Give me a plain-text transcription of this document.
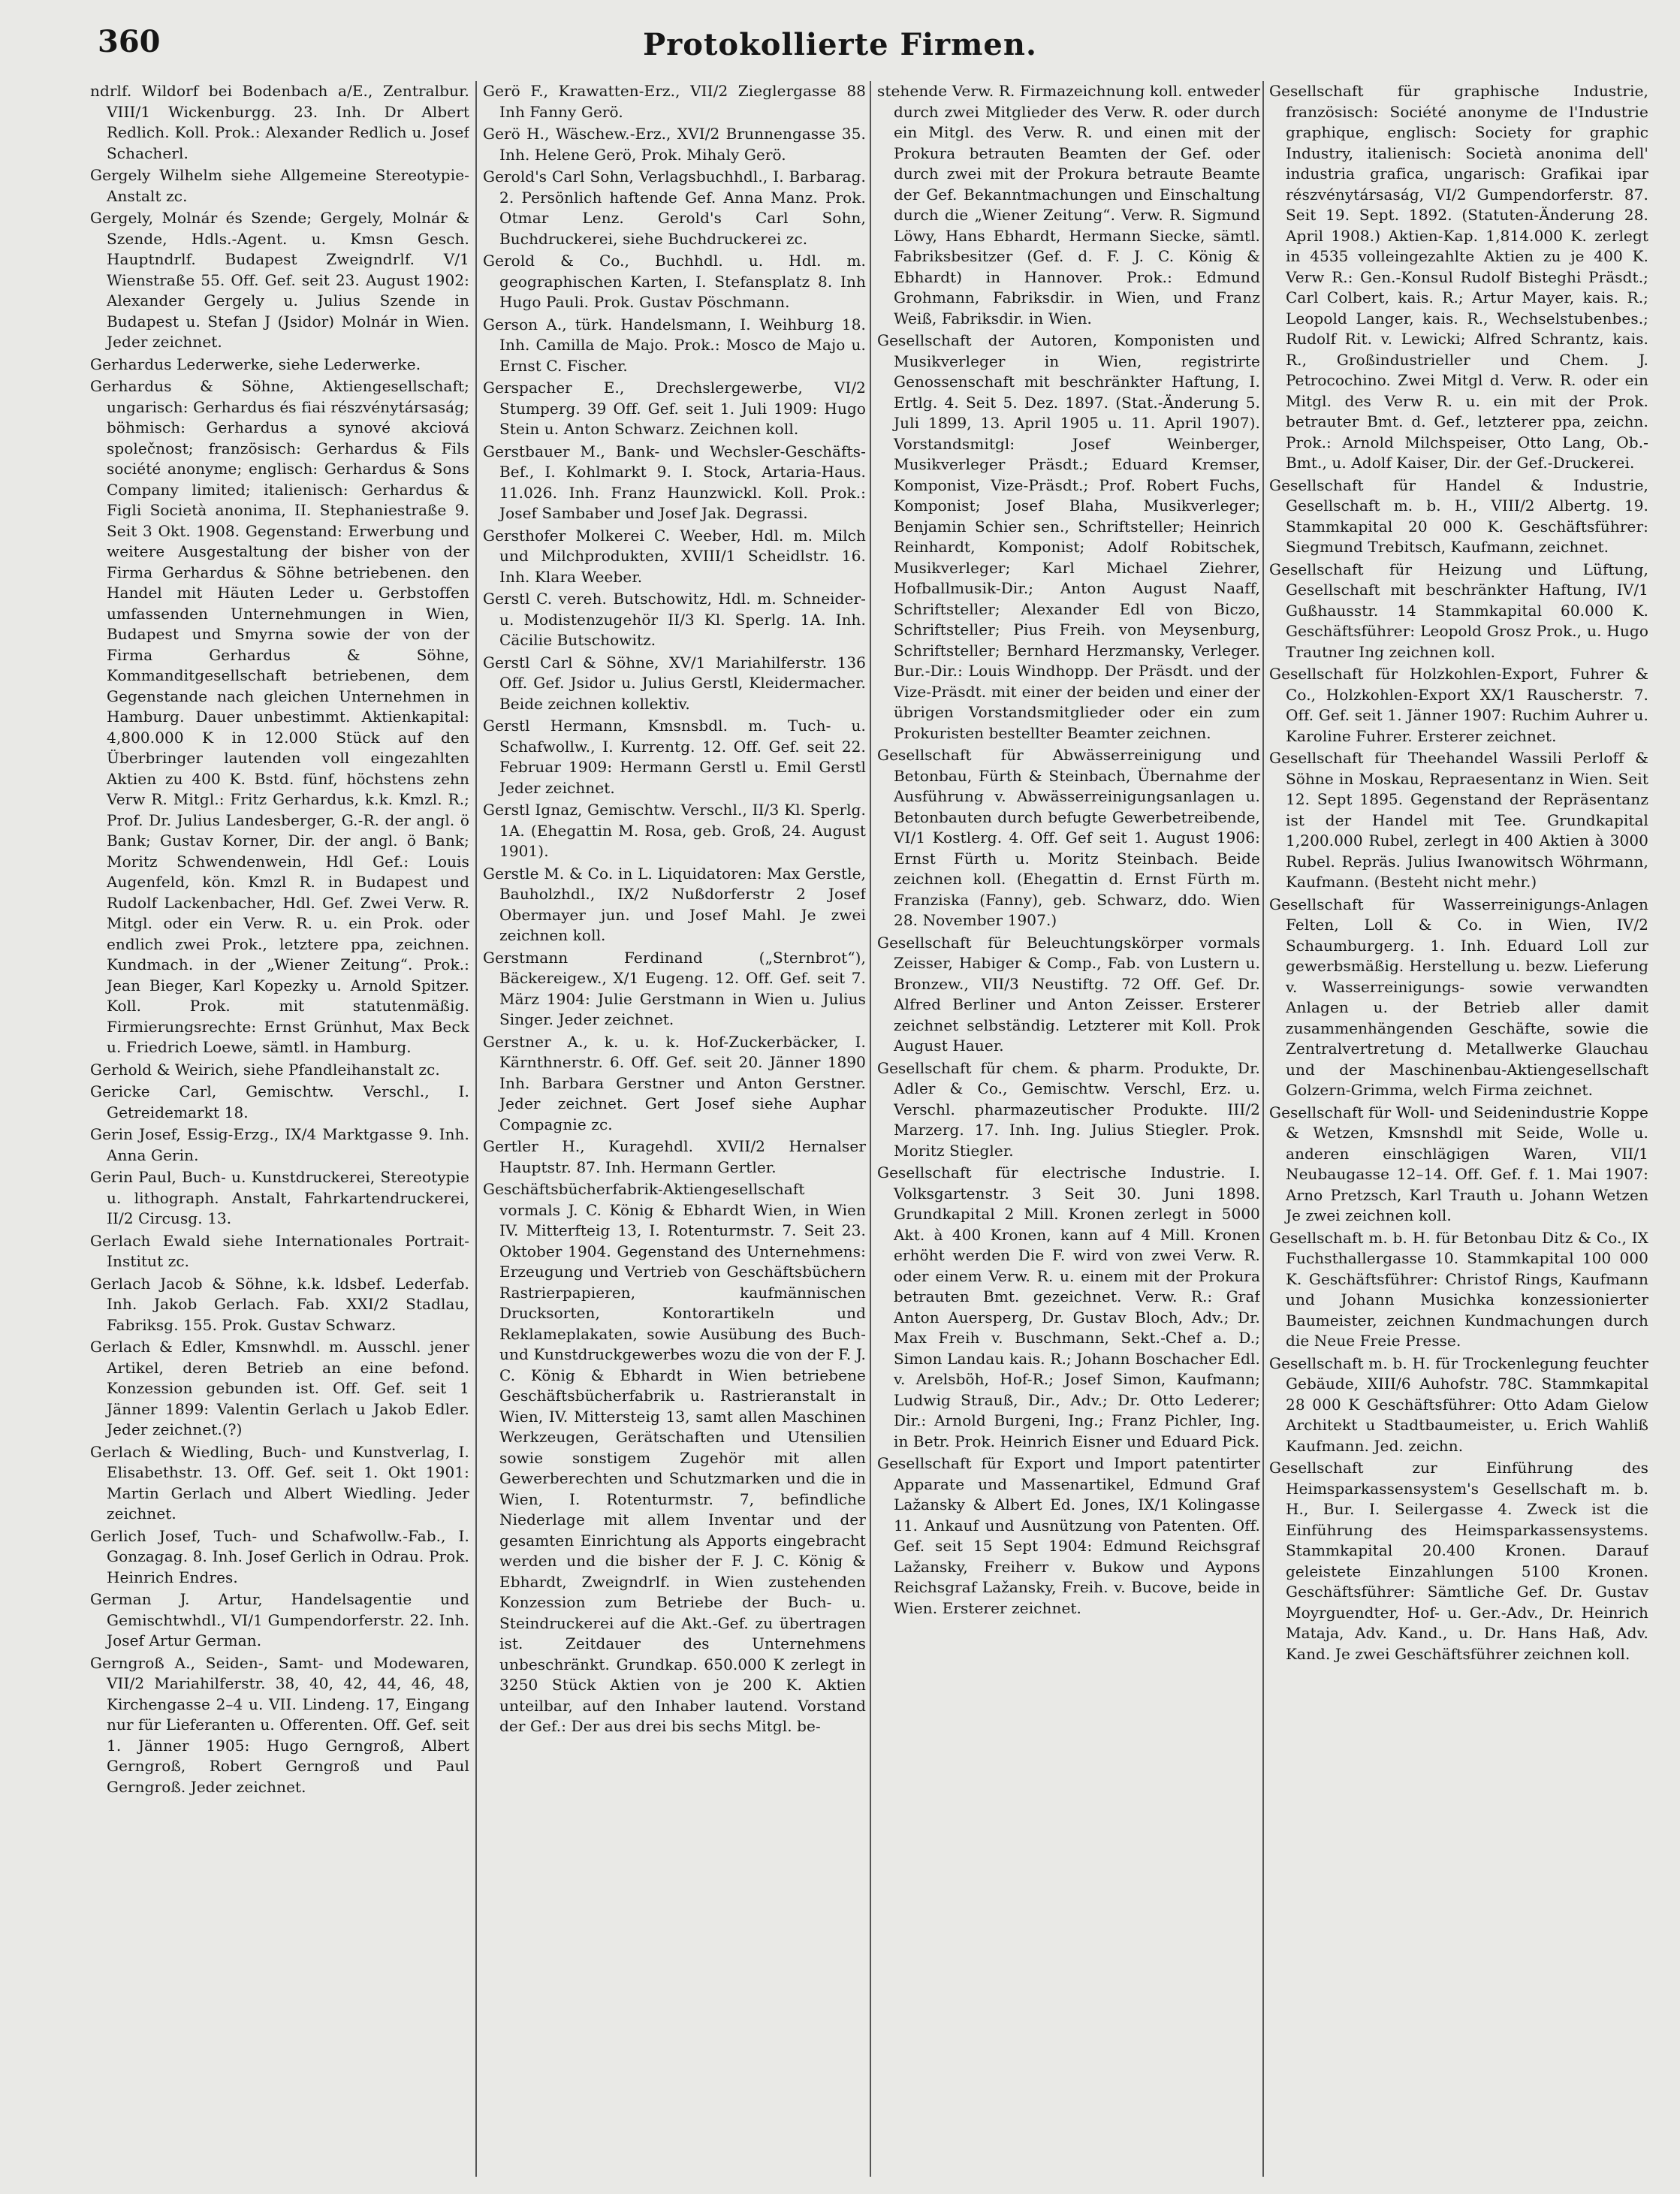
360	Protokollierte Firmen.

ndrlf. Wildorf bei Bodenbach a/E., Zentralbur. VIII/1 Wickenburgg. 23. Inh. Dr Albert Redlich. Koll. Prok.: Alexander Redlich u. Josef Schacherl.

Gergely Wilhelm siehe Allgemeine Stereotypie-Anstalt zc.

Gergely, Molnár és Szende; Gergely, Molnár & Szende, Hdls.-Agent. u. Kmsn Gesch. Hauptndrlf. Budapest Zweigndrlf. V/1 Wienstraße 55. Off. Gef. seit 23. August 1902: Alexander Gergely u. Julius Szende in Budapest u. Stefan J (Jsidor) Molnár in Wien. Jeder zeichnet.

Gerhardus Lederwerke, siehe Lederwerke.

Gerhardus & Söhne, Aktiengesellschaft; ungarisch: Gerhardus és fiai részvénytársaság; böhmisch: Gerhardus a synové akciová společnost; französisch: Gerhardus & Fils société anonyme; englisch: Gerhardus & Sons Company limited; italienisch: Gerhardus & Figli Società anonima, II. Stephaniestraße 9. Seit 3 Okt. 1908. Gegenstand: Erwerbung und weitere Ausgestaltung der bisher von der Firma Gerhardus & Söhne betriebenen. den Handel mit Häuten Leder u. Gerbstoffen umfassenden Unternehmungen in Wien, Budapest und Smyrna sowie der von der Firma Gerhardus & Söhne, Kommanditgesellschaft betriebenen, dem Gegenstande nach gleichen Unternehmen in Hamburg. Dauer unbestimmt. Aktienkapital: 4,800.000 K in 12.000 Stück auf den Überbringer lautenden voll eingezahlten Aktien zu 400 K. Bstd. fünf, höchstens zehn Verw R. Mitgl.: Fritz Gerhardus, k.k. Kmzl. R.; Prof. Dr. Julius Landesberger, G.-R. der angl. ö Bank; Gustav Korner, Dir. der angl. ö Bank; Moritz Schwendenwein, Hdl Gef.: Louis Augenfeld, kön. Kmzl R. in Budapest und Rudolf Lackenbacher, Hdl. Gef. Zwei Verw. R. Mitgl. oder ein Verw. R. u. ein Prok. oder endlich zwei Prok., letztere ppa, zeichnen. Kundmach. in der „Wiener Zeitung“. Prok.: Jean Bieger, Karl Kopezky u. Arnold Spitzer. Koll. Prok. mit statutenmäßig. Firmierungsrechte: Ernst Grünhut, Max Beck u. Friedrich Loewe, sämtl. in Hamburg.

Gerhold & Weirich, siehe Pfandleihanstalt zc.

Gericke Carl, Gemischtw. Verschl., I. Getreidemarkt 18.

Gerin Josef, Essig-Erzg., IX/4 Marktgasse 9. Inh. Anna Gerin.

Gerin Paul, Buch- u. Kunstdruckerei, Stereotypie u. lithograph. Anstalt, Fahrkartendruckerei, II/2 Circusg. 13.

Gerlach Ewald siehe Internationales Portrait-Institut zc.

Gerlach Jacob & Söhne, k.k. ldsbef. Lederfab. Inh. Jakob Gerlach. Fab. XXI/2 Stadlau, Fabriksg. 155. Prok. Gustav Schwarz.

Gerlach & Edler, Kmsnwhdl. m. Ausschl. jener Artikel, deren Betrieb an eine befond. Konzession gebunden ist. Off. Gef. seit 1 Jänner 1899: Valentin Gerlach u Jakob Edler. Jeder zeichnet.(?)

Gerlach & Wiedling, Buch- und Kunstverlag, I. Elisabethstr. 13. Off. Gef. seit 1. Okt 1901: Martin Gerlach und Albert Wiedling. Jeder zeichnet.

Gerlich Josef, Tuch- und Schafwollw.-Fab., I. Gonzagag. 8. Inh. Josef Gerlich in Odrau. Prok. Heinrich Endres.

German J. Artur, Handelsagentie und Gemischtwhdl., VI/1 Gumpendorferstr. 22. Inh. Josef Artur German.

Gerngroß A., Seiden-, Samt- und Modewaren, VII/2 Mariahilferstr. 38, 40, 42, 44, 46, 48, Kirchengasse 2–4 u. VII. Lindeng. 17, Eingang nur für Lieferanten u. Offerenten. Off. Gef. seit 1. Jänner 1905: Hugo Gerngroß, Albert Gerngroß, Robert Gerngroß und Paul Gerngroß. Jeder zeichnet.

Gerö F., Krawatten-Erz., VII/2 Zieglergasse 88 Inh Fanny Gerö.

Gerö H., Wäschew.-Erz., XVI/2 Brunnengasse 35. Inh. Helene Gerö, Prok. Mihaly Gerö.

Gerold's Carl Sohn, Verlagsbuchhdl., I. Barbarag. 2. Persönlich haftende Gef. Anna Manz. Prok. Otmar Lenz. Gerold's Carl Sohn, Buchdruckerei, siehe Buchdruckerei zc.

Gerold & Co., Buchhdl. u. Hdl. m. geographischen Karten, I. Stefansplatz 8. Inh Hugo Pauli. Prok. Gustav Pöschmann.

Gerson A., türk. Handelsmann, I. Weihburg 18. Inh. Camilla de Majo. Prok.: Mosco de Majo u. Ernst C. Fischer.

Gerspacher E., Drechslergewerbe, VI/2 Stumperg. 39 Off. Gef. seit 1. Juli 1909: Hugo Stein u. Anton Schwarz. Zeichnen koll.

Gerstbauer M., Bank- und Wechsler-Geschäfts-Bef., I. Kohlmarkt 9. I. Stock, Artaria-Haus. 11.026. Inh. Franz Haunzwickl. Koll. Prok.: Josef Sambaber und Josef Jak. Degrassi.

Gersthofer Molkerei C. Weeber, Hdl. m. Milch und Milchprodukten, XVIII/1 Scheidlstr. 16. Inh. Klara Weeber.

Gerstl C. vereh. Butschowitz, Hdl. m. Schneider- u. Modistenzugehör II/3 Kl. Sperlg. 1A. Inh. Cäcilie Butschowitz.

Gerstl Carl & Söhne, XV/1 Mariahilferstr. 136 Off. Gef. Jsidor u. Julius Gerstl, Kleidermacher. Beide zeichnen kollektiv.

Gerstl Hermann, Kmsnsbdl. m. Tuch- u. Schafwollw., I. Kurrentg. 12. Off. Gef. seit 22. Februar 1909: Hermann Gerstl u. Emil Gerstl Jeder zeichnet.

Gerstl Ignaz, Gemischtw. Verschl., II/3 Kl. Sperlg. 1A. (Ehegattin M. Rosa, geb. Groß, 24. August 1901).

Gerstle M. & Co. in L. Liquidatoren: Max Gerstle, Bauholzhdl., IX/2 Nußdorferstr 2 Josef Obermayer jun. und Josef Mahl. Je zwei zeichnen koll.

Gerstmann Ferdinand („Sternbrot“), Bäckereigew., X/1 Eugeng. 12. Off. Gef. seit 7. März 1904: Julie Gerstmann in Wien u. Julius Singer. Jeder zeichnet.

Gerstner A., k. u. k. Hof-Zuckerbäcker, I. Kärnthnerstr. 6. Off. Gef. seit 20. Jänner 1890 Inh. Barbara Gerstner und Anton Gerstner. Jeder zeichnet. Gert Josef siehe Auphar Compagnie zc.

Gertler H., Kuragehdl. XVII/2 Hernalser Hauptstr. 87. Inh. Hermann Gertler.

Geschäftsbücherfabrik-Aktiengesellschaft vormals J. C. König & Ebhardt Wien, in Wien IV. Mitterfteig 13, I. Rotenturmstr. 7. Seit 23. Oktober 1904. Gegenstand des Unternehmens: Erzeugung und Vertrieb von Geschäftsbüchern Rastrierpapieren, kaufmännischen Drucksorten, Kontorartikeln und Reklameplakaten, sowie Ausübung des Buch- und Kunstdruckgewerbes wozu die von der F. J. C. König & Ebhardt in Wien betriebene Geschäftsbücherfabrik u. Rastrieranstalt in Wien, IV. Mittersteig 13, samt allen Maschinen Werkzeugen, Gerätschaften und Utensilien sowie sonstigem Zugehör mit allen Gewerberechten und Schutzmarken und die in Wien, I. Rotenturmstr. 7, befindliche Niederlage mit allem Inventar und der gesamten Einrichtung als Apports eingebracht werden und die bisher der F. J. C. König & Ebhardt, Zweigndrlf. in Wien zustehenden Konzession zum Betriebe der Buch- u. Steindruckerei auf die Akt.-Gef. zu übertragen ist. Zeitdauer des Unternehmens unbeschränkt. Grundkap. 650.000 K zerlegt in 3250 Stück Aktien von je 200 K. Aktien unteilbar, auf den Inhaber lautend. Vorstand der Gef.: Der aus drei bis sechs Mitgl. be-

stehende Verw. R. Firmazeichnung koll. entweder durch zwei Mitglieder des Verw. R. oder durch ein Mitgl. des Verw. R. und einen mit der Prokura betrauten Beamten der Gef. oder durch zwei mit der Prokura betraute Beamte der Gef. Bekanntmachungen und Einschaltung durch die „Wiener Zeitung“. Verw. R. Sigmund Löwy, Hans Ebhardt, Hermann Siecke, sämtl. Fabriksbesitzer (Gef. d. F. J. C. König & Ebhardt) in Hannover. Prok.: Edmund Grohmann, Fabriksdir. in Wien, und Franz Weiß, Fabriksdir. in Wien.

Gesellschaft der Autoren, Komponisten und Musikverleger in Wien, registrirte Genossenschaft mit beschränkter Haftung, I. Ertlg. 4. Seit 5. Dez. 1897. (Stat.-Änderung 5. Juli 1899, 13. April 1905 u. 11. April 1907). Vorstandsmitgl: Josef Weinberger, Musikverleger Präsdt.; Eduard Kremser, Komponist, Vize-Präsdt.; Prof. Robert Fuchs, Komponist; Josef Blaha, Musikverleger; Benjamin Schier sen., Schriftsteller; Heinrich Reinhardt, Komponist; Adolf Robitschek, Musikverleger; Karl Michael Ziehrer, Hofballmusik-Dir.; Anton August Naaff, Schriftsteller; Alexander Edl von Biczo, Schriftsteller; Pius Freih. von Meysenburg, Schriftsteller; Bernhard Herzmansky, Verleger. Bur.-Dir.: Louis Windhopp. Der Präsdt. und der Vize-Präsdt. mit einer der beiden und einer der übrigen Vorstandsmitglieder oder ein zum Prokuristen bestellter Beamter zeichnen.

Gesellschaft für Abwässerreinigung und Betonbau, Fürth & Steinbach, Übernahme der Ausführung v. Abwässerreinigungsanlagen u. Betonbauten durch befugte Gewerbetreibende, VI/1 Kostlerg. 4. Off. Gef seit 1. August 1906: Ernst Fürth u. Moritz Steinbach. Beide zeichnen koll. (Ehegattin d. Ernst Fürth m. Franziska (Fanny), geb. Schwarz, ddo. Wien 28. November 1907.)

Gesellschaft für Beleuchtungskörper vormals Zeisser, Habiger & Comp., Fab. von Lustern u. Bronzew., VII/3 Neustiftg. 72 Off. Gef. Dr. Alfred Berliner und Anton Zeisser. Ersterer zeichnet selbständig. Letzterer mit Koll. Prok August Hauer.

Gesellschaft für chem. & pharm. Produkte, Dr. Adler & Co., Gemischtw. Verschl, Erz. u. Verschl. pharmazeutischer Produkte. III/2 Marzerg. 17. Inh. Ing. Julius Stiegler. Prok. Moritz Stiegler.

Gesellschaft für electrische Industrie. I. Volksgartenstr. 3 Seit 30. Juni 1898. Grundkapital 2 Mill. Kronen zerlegt in 5000 Akt. à 400 Kronen, kann auf 4 Mill. Kronen erhöht werden Die F. wird von zwei Verw. R. oder einem Verw. R. u. einem mit der Prokura betrauten Bmt. gezeichnet. Verw. R.: Graf Anton Auersperg, Dr. Gustav Bloch, Adv.; Dr. Max Freih v. Buschmann, Sekt.-Chef a. D.; Simon Landau kais. R.; Johann Boschacher Edl. v. Arelsböh, Hof-R.; Josef Simon, Kaufmann; Ludwig Strauß, Dir., Adv.; Dr. Otto Lederer; Dir.: Arnold Burgeni, Ing.; Franz Pichler, Ing. in Betr. Prok. Heinrich Eisner und Eduard Pick.

Gesellschaft für Export und Import patentirter Apparate und Massenartikel, Edmund Graf Lažansky & Albert Ed. Jones, IX/1 Kolingasse 11. Ankauf und Ausnützung von Patenten. Off. Gef. seit 15 Sept 1904: Edmund Reichsgraf Lažansky, Freiherr v. Bukow und Aypons Reichsgraf Lažansky, Freih. v. Bucove, beide in Wien. Ersterer zeichnet.

Gesellschaft für graphische Industrie, französisch: Société anonyme de l'Industrie graphique, englisch: Society for graphic Industry, italienisch: Società anonima dell' industria grafica, ungarisch: Grafikai ipar részvénytársaság, VI/2 Gumpendorferstr. 87. Seit 19. Sept. 1892. (Statuten-Änderung 28. April 1908.) Aktien-Kap. 1,814.000 K. zerlegt in 4535 volleingezahlte Aktien zu je 400 K. Verw R.: Gen.-Konsul Rudolf Bisteghi Präsdt.; Carl Colbert, kais. R.; Artur Mayer, kais. R.; Leopold Langer, kais. R., Wechselstubenbes.; Rudolf Rit. v. Lewicki; Alfred Schrantz, kais. R., Großindustrieller und Chem. J. Petrocochino. Zwei Mitgl d. Verw. R. oder ein Mitgl. des Verw R. u. ein mit der Prok. betrauter Bmt. d. Gef., letzterer ppa, zeichn. Prok.: Arnold Milchspeiser, Otto Lang, Ob.-Bmt., u. Adolf Kaiser, Dir. der Gef.-Druckerei.

Gesellschaft für Handel & Industrie, Gesellschaft m. b. H., VIII/2 Albertg. 19. Stammkapital 20 000 K. Geschäftsführer: Siegmund Trebitsch, Kaufmann, zeichnet.

Gesellschaft für Heizung und Lüftung, Gesellschaft mit beschränkter Haftung, IV/1 Gußhausstr. 14 Stammkapital 60.000 K. Geschäftsführer: Leopold Grosz Prok., u. Hugo Trautner Ing zeichnen koll.

Gesellschaft für Holzkohlen-Export, Fuhrer & Co., Holzkohlen-Export XX/1 Rauscherstr. 7. Off. Gef. seit 1. Jänner 1907: Ruchim Auhrer u. Karoline Fuhrer. Ersterer zeichnet.

Gesellschaft für Theehandel Wassili Perloff & Söhne in Moskau, Repraesentanz in Wien. Seit 12. Sept 1895. Gegenstand der Repräsentanz ist der Handel mit Tee. Grundkapital 1,200.000 Rubel, zerlegt in 400 Aktien à 3000 Rubel. Repräs. Julius Iwanowitsch Wöhrmann, Kaufmann. (Besteht nicht mehr.)

Gesellschaft für Wasserreinigungs-Anlagen Felten, Loll & Co. in Wien, IV/2 Schaumburgerg. 1. Inh. Eduard Loll zur gewerbsmäßig. Herstellung u. bezw. Lieferung v. Wasserreinigungs- sowie verwandten Anlagen u. der Betrieb aller damit zusammenhängenden Geschäfte, sowie die Zentralvertretung d. Metallwerke Glauchau und der Maschinenbau-Aktiengesellschaft Golzern-Grimma, welch Firma zeichnet.

Gesellschaft für Woll- und Seidenindustrie Koppe & Wetzen, Kmsnshdl mit Seide, Wolle u. anderen einschlägigen Waren, VII/1 Neubaugasse 12–14. Off. Gef. f. 1. Mai 1907: Arno Pretzsch, Karl Trauth u. Johann Wetzen Je zwei zeichnen koll.

Gesellschaft m. b. H. für Betonbau Ditz & Co., IX Fuchsthallergasse 10. Stammkapital 100 000 K. Geschäftsführer: Christof Rings, Kaufmann und Johann Musichka konzessionierter Baumeister, zeichnen Kundmachungen durch die Neue Freie Presse.

Gesellschaft m. b. H. für Trockenlegung feuchter Gebäude, XIII/6 Auhofstr. 78C. Stammkapital 28 000 K Geschäftsführer: Otto Adam Gielow Architekt u Stadtbaumeister, u. Erich Wahliß Kaufmann. Jed. zeichn.

Gesellschaft zur Einführung des Heimsparkassensystem's Gesellschaft m. b. H., Bur. I. Seilergasse 4. Zweck ist die Einführung des Heimsparkassensystems. Stammkapital 20.400 Kronen. Darauf geleistete Einzahlungen 5100 Kronen. Geschäftsführer: Sämtliche Gef. Dr. Gustav Moyrguendter, Hof- u. Ger.-Adv., Dr. Heinrich Mataja, Adv. Kand., u. Dr. Hans Haß, Adv. Kand. Je zwei Geschäftsführer zeichnen koll.
